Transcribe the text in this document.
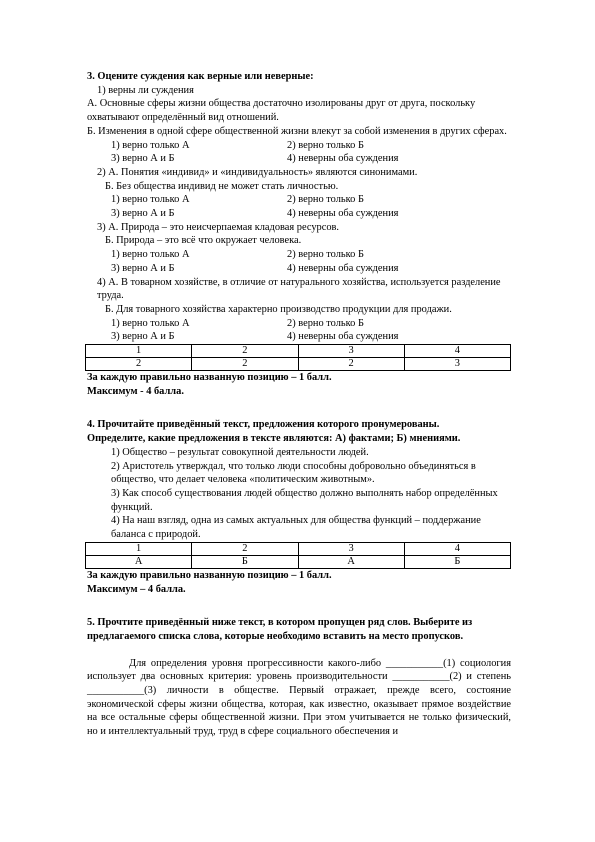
3. Оцените суждения как верные или неверные:

1) верны ли суждения

А. Основные сферы жизни общества достаточно изолированы друг от друга, поскольку охватывают определённый вид отношений.

Б. Изменения в одной сфере общественной жизни влекут за собой изменения в других сферах.

1) верно только А	2) верно только Б
3) верно А и Б	4) неверны оба суждения

2) А. Понятия «индивид» и «индивидуальность» являются синонимами.

Б. Без общества индивид не может стать личностью.

1) верно только А	2) верно только Б
3) верно А и Б	4) неверны оба суждения

3) А. Природа – это неисчерпаемая кладовая ресурсов.

Б. Природа – это всё что окружает человека.

1) верно только А	2) верно только Б
3) верно А и Б	4) неверны оба суждения

4) А. В товарном хозяйстве, в отличие от натурального хозяйства, используется разделение труда.

Б. Для товарного хозяйства характерно производство продукции для продажи.

1) верно только А	2) верно только Б
3) верно А и Б	4) неверны оба суждения
1	2	3	4
2	2	2	3

За каждую правильно названную позицию – 1 балл.

Максимум - 4 балла.

4. Прочитайте приведённый текст, предложения которого пронумерованы.

Определите, какие предложения в тексте являются: А) фактами; Б) мнениями.

1) Общество – результат совокупной деятельности людей.

2) Аристотель утверждал, что только люди способны добровольно объединяться в общество, что делает человека «политическим животным».

3) Как способ существования людей общество должно выполнять набор определённых функций.

4) На наш взгляд, одна из самых актуальных для общества функций – поддержание баланса с природой.

1	2	3	4
А	Б	А	Б

За каждую правильно названную позицию – 1 балл.

Максимум – 4 балла.

5. Прочтите приведённый ниже текст, в котором пропущен ряд слов. Выберите из предлагаемого списка слова, которые необходимо вставить на место пропусков.

Для определения уровня прогрессивности какого-либо ___________(1) социология использует два основных критерия: уровень производительности ___________(2) и степень ___________(3) личности в обществе. Первый отражает, прежде всего, состояние экономической сферы жизни общества, которая, как известно, оказывает прямое воздействие на все остальные сферы общественной жизни. При этом учитывается не только физический, но и интеллектуальный труд, труд в сфере социального обеспечения и
